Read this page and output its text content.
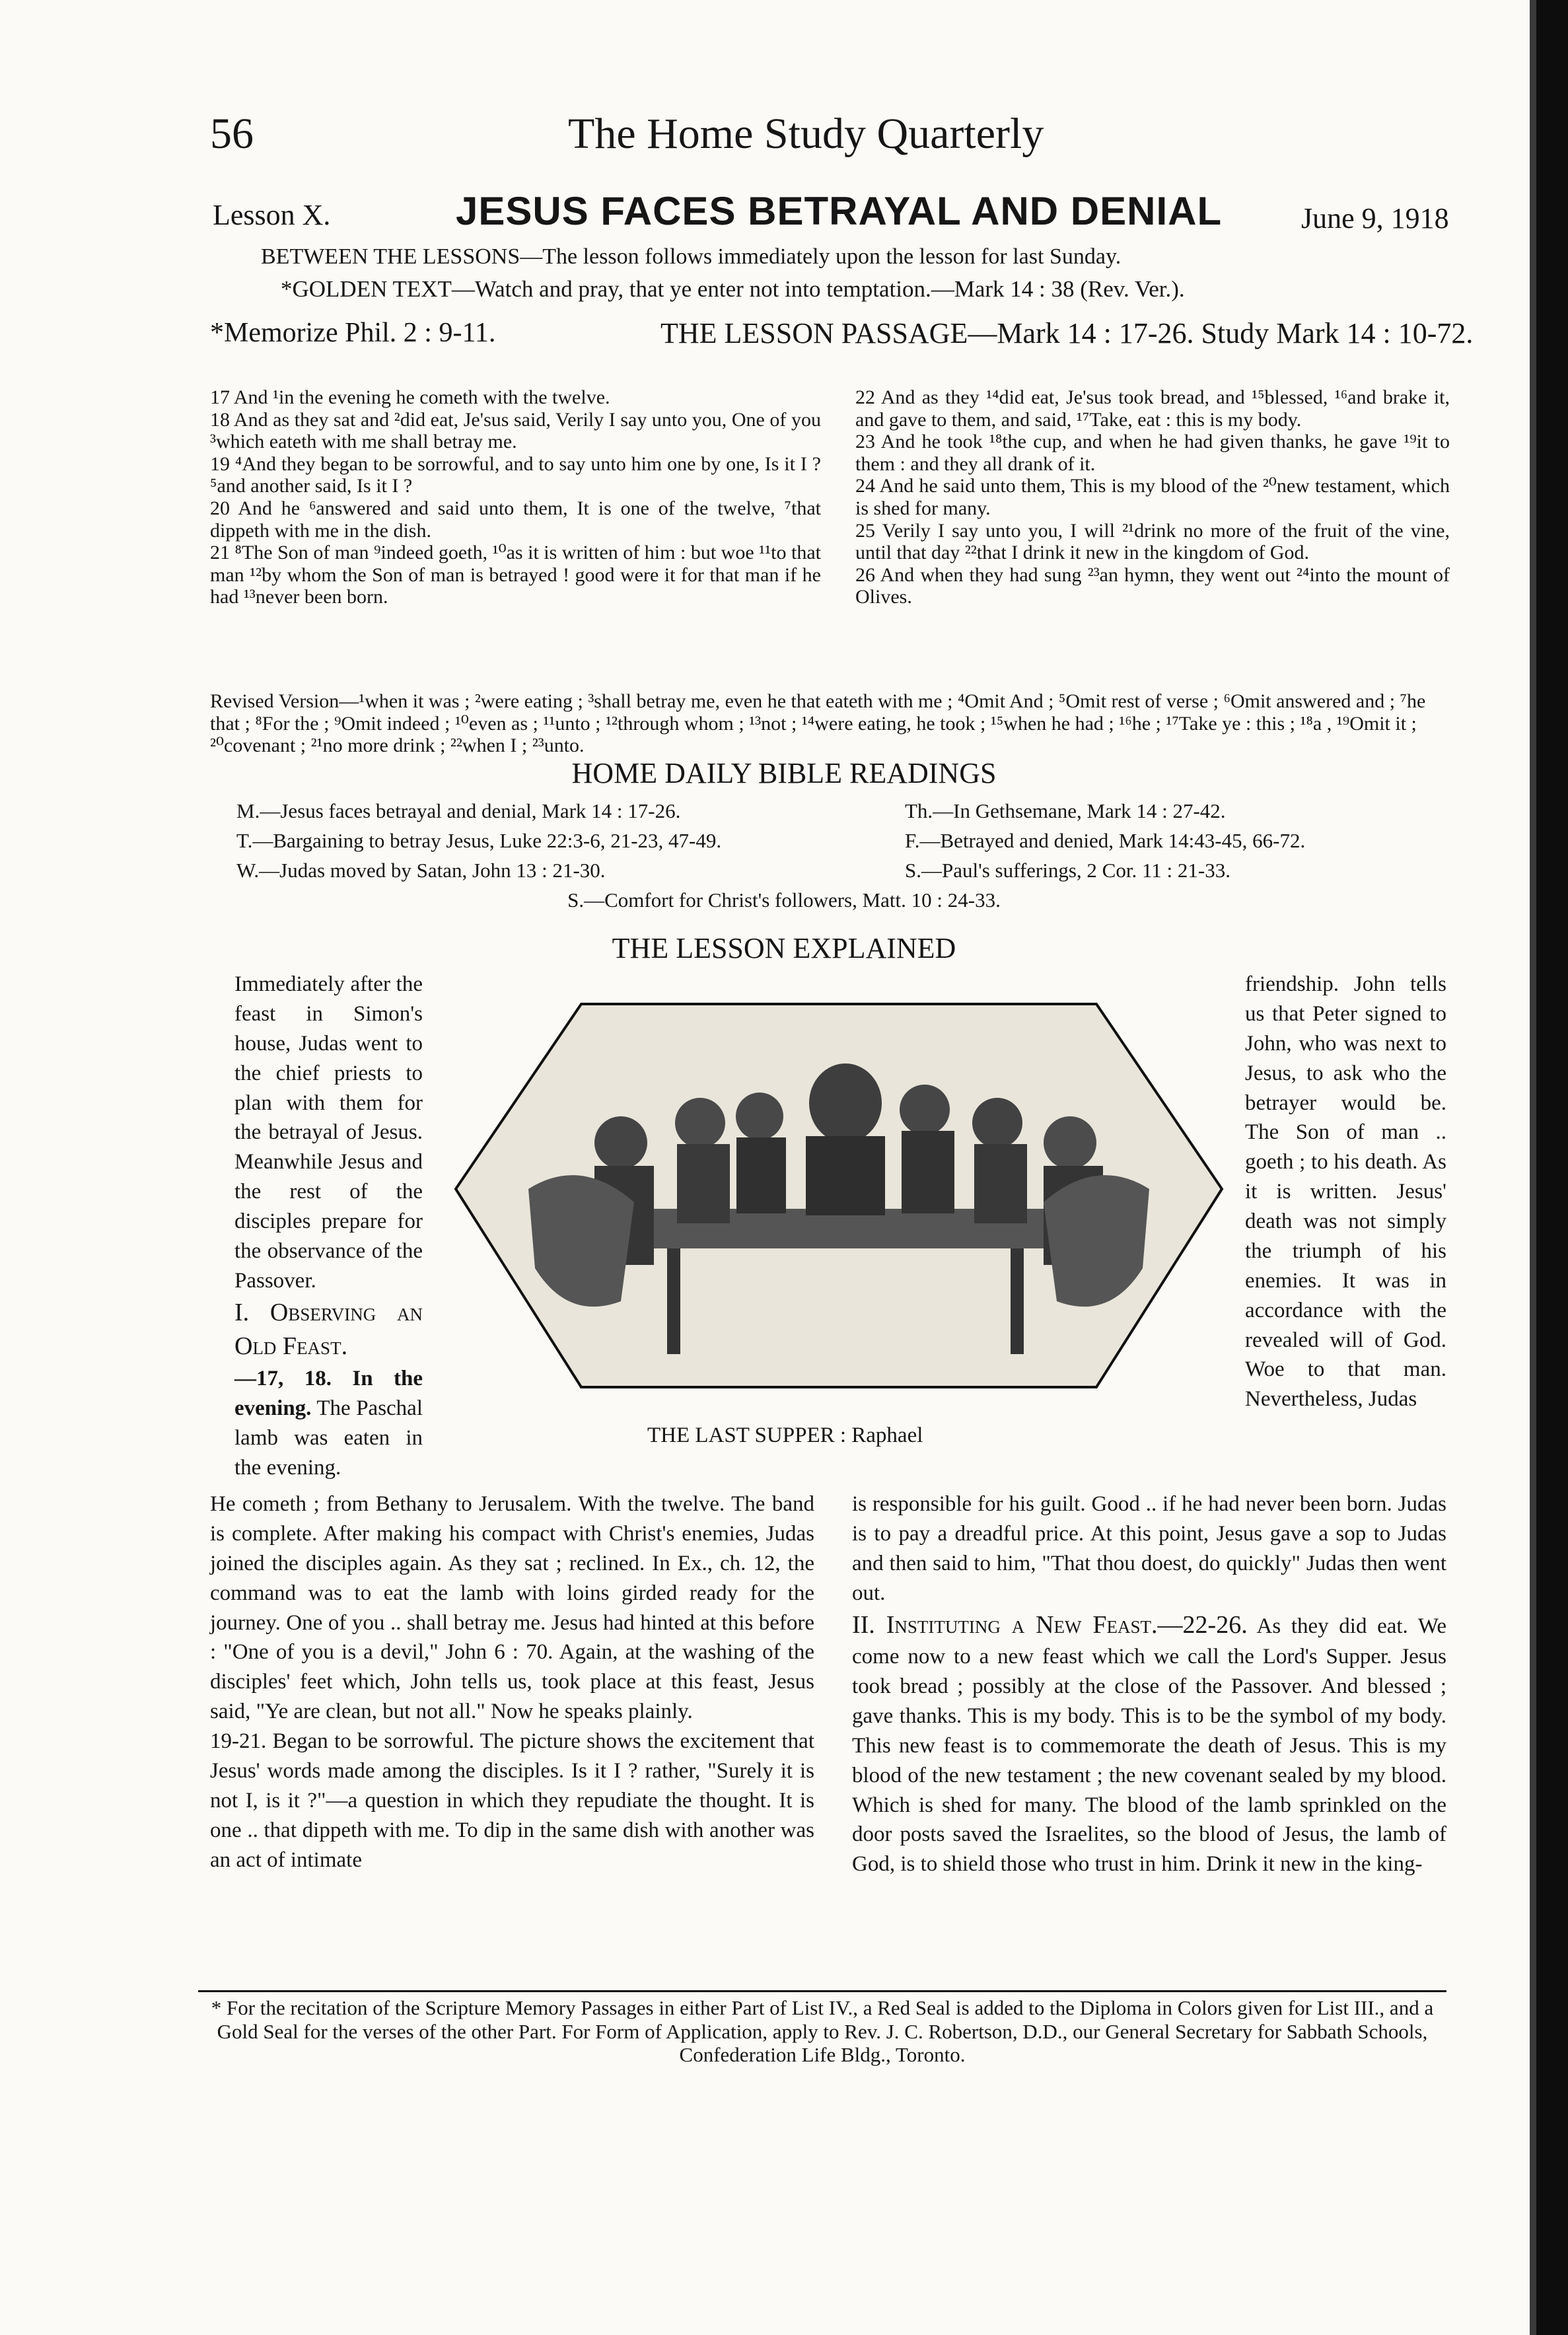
56	The Home Study Quarterly
Lesson X.	JESUS FACES BETRAYAL AND DENIAL	June 9, 1918
BETWEEN THE LESSONS—The lesson follows immediately upon the lesson for last Sunday.
*GOLDEN TEXT—Watch and pray, that ye enter not into temptation.—Mark 14 : 38 (Rev. Ver.).
*Memorize Phil. 2 : 9-11.	THE LESSON PASSAGE—Mark 14 : 17-26. Study Mark 14 : 10-72.

17 And ¹in the evening he cometh with the twelve.

18 And as they sat and ²did eat, Je'sus said, Verily I say unto you, One of you ³which eateth with me shall betray me.

19 ⁴And they began to be sorrowful, and to say unto him one by one, Is it I ? ⁵and another said, Is it I ?

20 And he ⁶answered and said unto them, It is one of the twelve, ⁷that dippeth with me in the dish.

21 ⁸The Son of man ⁹indeed goeth, ¹⁰as it is written of him : but woe ¹¹to that man ¹²by whom the Son of man is betrayed ! good were it for that man if he had ¹³never been born.

22 And as they ¹⁴did eat, Je'sus took bread, and ¹⁵blessed, ¹⁶and brake it, and gave to them, and said, ¹⁷Take, eat : this is my body.

23 And he took ¹⁸the cup, and when he had given thanks, he gave ¹⁹it to them : and they all drank of it.

24 And he said unto them, This is my blood of the ²⁰new testament, which is shed for many.

25 Verily I say unto you, I will ²¹drink no more of the fruit of the vine, until that day ²²that I drink it new in the kingdom of God.

26 And when they had sung ²³an hymn, they went out ²⁴into the mount of Olives.

Revised Version—¹when it was ; ²were eating ; ³shall betray me, even he that eateth with me ; ⁴Omit And ; ⁵Omit rest of verse ; ⁶Omit answered and ; ⁷he that ; ⁸For the ; ⁹Omit indeed ; ¹⁰even as ; ¹¹unto ; ¹²through whom ; ¹³not ; ¹⁴were eating, he took ; ¹⁵when he had ; ¹⁶he ; ¹⁷Take ye : this ; ¹⁸a , ¹⁹Omit it ; ²⁰covenant ; ²¹no more drink ; ²²when I ; ²³unto.
HOME DAILY BIBLE READINGS
M.—Jesus faces betrayal and denial, Mark 14 : 17-26.	Th.—In Gethsemane, Mark 14 : 27-42.
T.—Bargaining to betray Jesus, Luke 22:3-6, 21-23, 47-49.	F.—Betrayed and denied, Mark 14:43-45, 66-72.
W.—Judas moved by Satan, John 13 : 21-30.	S.—Paul's sufferings, 2 Cor. 11 : 21-33.
S.—Comfort for Christ's followers, Matt. 10 : 24-33.
THE LESSON EXPLAINED
THE LAST SUPPER : Raphael

Immediately after the feast in Simon's house, Judas went to the chief priests to plan with them for the betrayal of Jesus. Meanwhile Jesus and the rest of the disciples prepare for the observance of the Passover.

I. Observing an Old Feast.

—17, 18. In the evening. The Paschal lamb was eaten in the evening.

friendship. John tells us that Peter signed to John, who was next to Jesus, to ask who the betrayer would be. The Son of man .. goeth ; to his death. As it is written. Jesus' death was not simply the triumph of his enemies. It was in accordance with the revealed will of God. Woe to that man. Nevertheless, Judas

He cometh ; from Bethany to Jerusalem. With the twelve. The band is complete. After making his compact with Christ's enemies, Judas joined the disciples again. As they sat ; reclined. In Ex., ch. 12, the command was to eat the lamb with loins girded ready for the journey. One of you .. shall betray me. Jesus had hinted at this before : "One of you is a devil," John 6 : 70. Again, at the washing of the disciples' feet which, John tells us, took place at this feast, Jesus said, "Ye are clean, but not all." Now he speaks plainly.

19-21. Began to be sorrowful. The picture shows the excitement that Jesus' words made among the disciples. Is it I ? rather, "Surely it is not I, is it ?"—a question in which they repudiate the thought. It is one .. that dippeth with me. To dip in the same dish with another was an act of intimate

is responsible for his guilt. Good .. if he had never been born. Judas is to pay a dreadful price. At this point, Jesus gave a sop to Judas and then said to him, "That thou doest, do quickly" Judas then went out.

II. Instituting a New Feast.—22-26. As they did eat. We come now to a new feast which we call the Lord's Supper. Jesus took bread ; possibly at the close of the Passover. And blessed ; gave thanks. This is my body. This is to be the symbol of my body. This new feast is to commemorate the death of Jesus. This is my blood of the new testament ; the new covenant sealed by my blood. Which is shed for many. The blood of the lamb sprinkled on the door posts saved the Israelites, so the blood of Jesus, the lamb of God, is to shield those who trust in him. Drink it new in the king-

* For the recitation of the Scripture Memory Passages in either Part of List IV., a Red Seal is added to the Diploma in Colors given for List III., and a Gold Seal for the verses of the other Part. For Form of Application, apply to Rev. J. C. Robertson, D.D., our General Secretary for Sabbath Schools, Confederation Life Bldg., Toronto.
